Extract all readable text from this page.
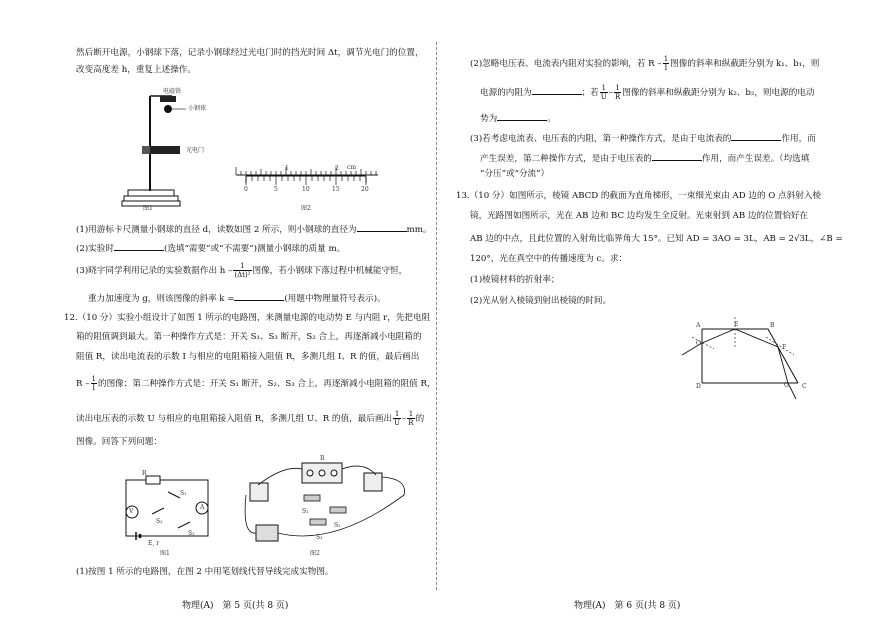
然后断开电源，小钢球下落，记录小钢球经过光电门时的挡光时间 Δt，调节光电门的位置，
改变高度差 h，重复上述操作。
电磁铁
小钢球
光电门
图1
cm
1	2
0	5	10	15	20
图2
(1)用游标卡尺测量小钢球的直径 d，读数如图 2 所示，则小钢球的直径为	mm。
(2)实验时	(选填“需要”或“不需要”)测量小钢球的质量 m。
(3)晓宇同学利用记录的实验数据作出 h – $\frac{1}{\text{(Δt)²}}$ 图像，若小钢球下落过程中机械能守恒，
重力加速度为 g，则该图像的斜率 k =	(用题中物理量符号表示)。
12.（10 分）实验小组设计了如图 1 所示的电路图，来测量电源的电动势 E 与内阻 r，先把电阻
箱的阻值调到最大。第一种操作方式是：开关 S₁、S₃ 断开，S₂ 合上，再逐渐减小电阻箱的
阻值 R，读出电流表的示数 I 与相应的电阻箱接入阻值 R，多测几组 I、R 的值，最后画出
R – $\frac{1}{I}$ 的图像；第二种操作方式是：开关 S₁ 断开，S₂、S₃ 合上，再逐渐减小电阻箱的阻值 R，
读出电压表的示数 U 与相应的电阻箱接入阻值 R，多测几组 U、R 的值，最后画出 $\frac{1}{U} - \frac{1}{R}$ 的
图像。回答下列问题：
R
S₁
S₂
S₃
V
A
E, r
图1
R
S₁
S₂
S₃
图2
(1)按图 1 所示的电路图，在图 2 中用笔划线代替导线完成实物图。
物理(A)　第 5 页(共 8 页)
(2)忽略电压表、电流表内阻对实验的影响，若 R – $\frac{1}{I}$ 图像的斜率和纵截距分别为 k₁、b₁，则
电源的内阻为	；若 $\frac{1}{U} - \frac{1}{R}$ 图像的斜率和纵截距分别为 k₂、b₂，则电源的电动
势为	。
(3)若考虑电流表、电压表的内阻，第一种操作方式，是由于电流表的	作用，而
产生误差，第二种操作方式，是由于电压表的	作用，而产生误差。（均选填
“分压”或“分流”）
13.（10 分）如图所示，棱镜 ABCD 的截面为直角梯形，一束细光束由 AD 边的 O 点斜射入棱
镜，光路图如图所示，光在 AB 边和 BC 边均发生全反射。光束射到 AB 边的位置恰好在
AB 边的中点，且此位置的入射角比临界角大 15°。已知 AD = 3AO = 3L，AB = 2√3L，∠B =
120°，光在真空中的传播速度为 c。求：
(1)棱镜材料的折射率；
(2)光从射入棱镜到射出棱镜的时间。
A	B
C
D
O
E
F
G
物理(A)　第 6 页(共 8 页)
